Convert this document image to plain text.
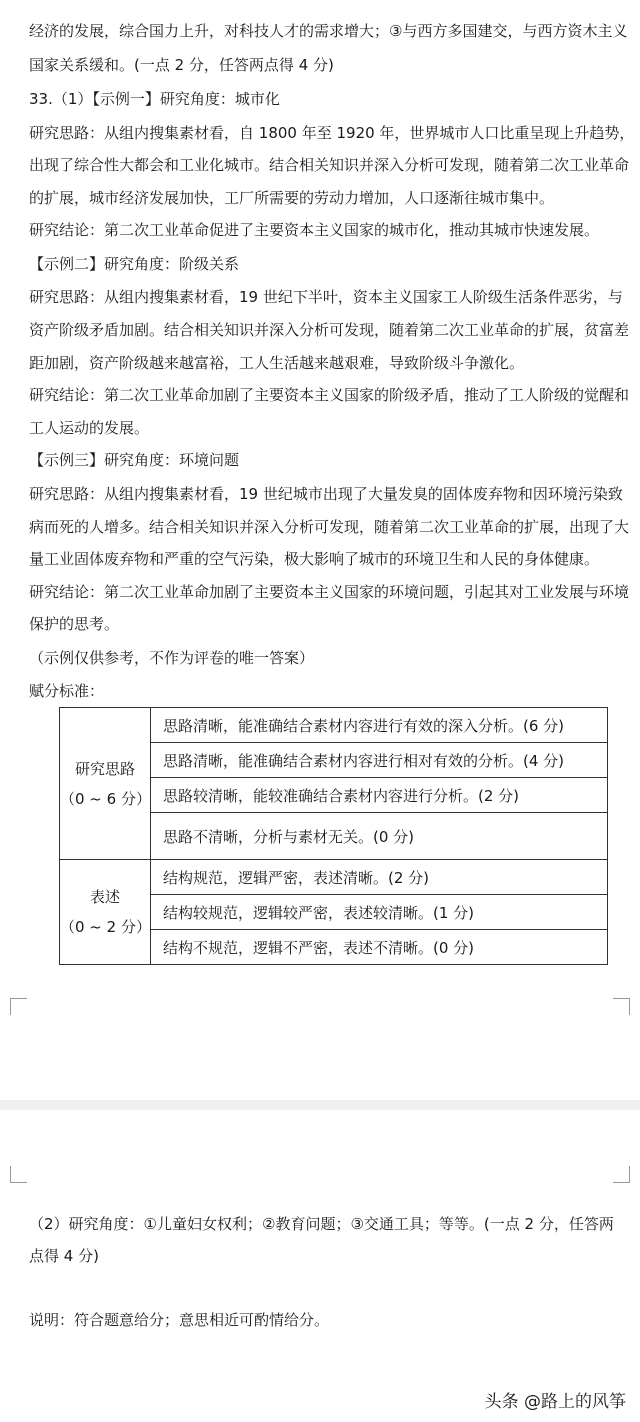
经济的发展，综合国力上升，对科技人才的需求增大；③与西方多国建交，与西方资木主义
国家关系缓和。(一点 2 分，任答两点得 4 分)
33.（1）【示例一】研究角度：城市化
研究思路：从组内搜集素材看，自 1800 年至 1920 年，世界城市人口比重呈现上升趋势，
出现了综合性大都会和工业化城市。结合相关知识并深入分析可发现，随着第二次工业革命
的扩展，城市经济发展加快，工厂所需要的劳动力增加，人口逐渐往城市集中。
研究结论：第二次工业革命促进了主要资本主义国家的城市化，推动其城市快速发展。
【示例二】研究角度：阶级关系
研究思路：从组内搜集素材看，19 世纪下半叶，资本主义国家工人阶级生活条件恶劣，与
资产阶级矛盾加剧。结合相关知识并深入分析可发现，随着第二次工业革命的扩展，贫富差
距加剧，资产阶级越来越富裕，工人生活越来越艰难，导致阶级斗争激化。
研究结论：第二次工业革命加剧了主要资本主义国家的阶级矛盾，推动了工人阶级的觉醒和
工人运动的发展。
【示例三】研究角度：环境问题
研究思路：从组内搜集素材看，19 世纪城市出现了大量发臭的固体废弃物和因环境污染致
病而死的人增多。结合相关知识并深入分析可发现，随着第二次工业革命的扩展，出现了大
量工业固体废弃物和严重的空气污染，极大影响了城市的环境卫生和人民的身体健康。
研究结论：第二次工业革命加剧了主要资本主义国家的环境问题，引起其对工业发展与环境
保护的思考。
（示例仅供参考，不作为评卷的唯一答案）
赋分标准：
研究思路
（0 ~ 6 分）	思路清晰，能准确结合素材内容进行有效的深入分析。(6 分)
	思路清晰，能准确结合素材内容进行相对有效的分析。(4 分)
	思路较清晰，能较准确结合素材内容进行分析。(2 分)
	思路不清晰，分析与素材无关。(0 分)

表述
（0 ~ 2 分）	结构规范，逻辑严密，表述清晰。(2 分)
	结构较规范，逻辑较严密，表述较清晰。(1 分)
	结构不规范，逻辑不严密，表述不清晰。(0 分)
（2）研究角度：①儿童妇女权利；②教育问题；③交通工具；等等。(一点 2 分，任答两
点得 4 分)
说明：符合题意给分；意思相近可酌情给分。
头条 @路上的风筝
